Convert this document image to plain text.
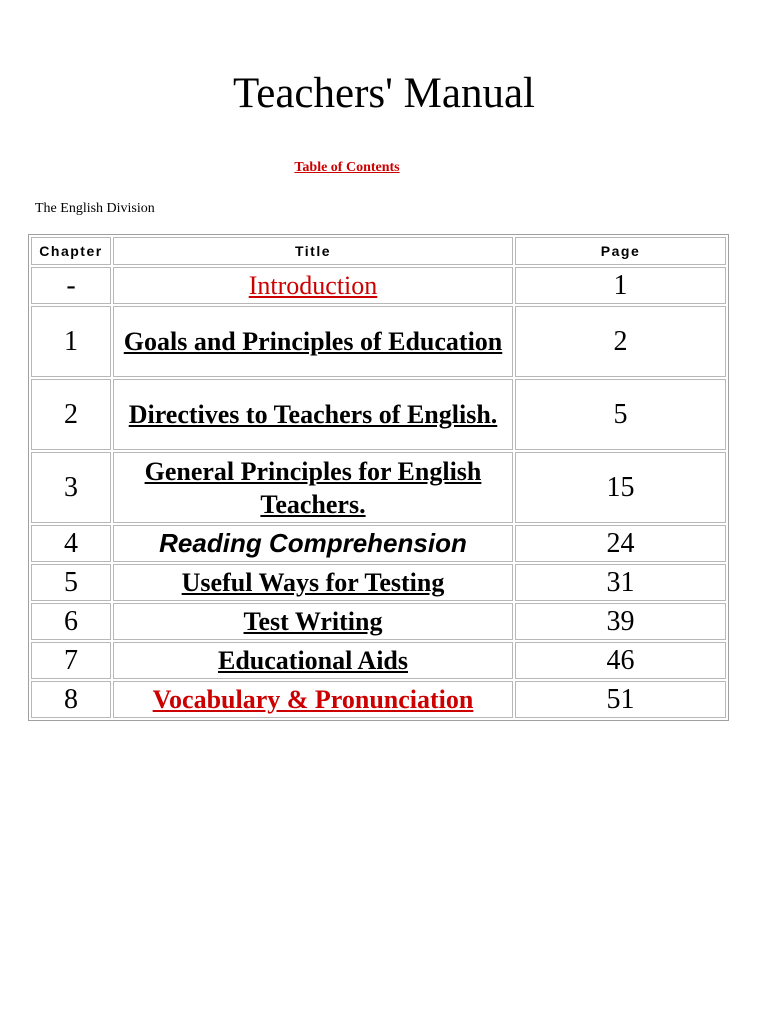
Teachers' Manual
Table of Contents
The English Division
Chapter	Title	Page
-	Introduction	1
1	Goals and Principles of Education	2
2	Directives to Teachers of English.	5
3	General Principles for English Teachers.	15
4	Reading Comprehension	24
5	Useful Ways for Testing	31
6	Test Writing	39
7	Educational Aids	46
8	Vocabulary & Pronunciation	51
